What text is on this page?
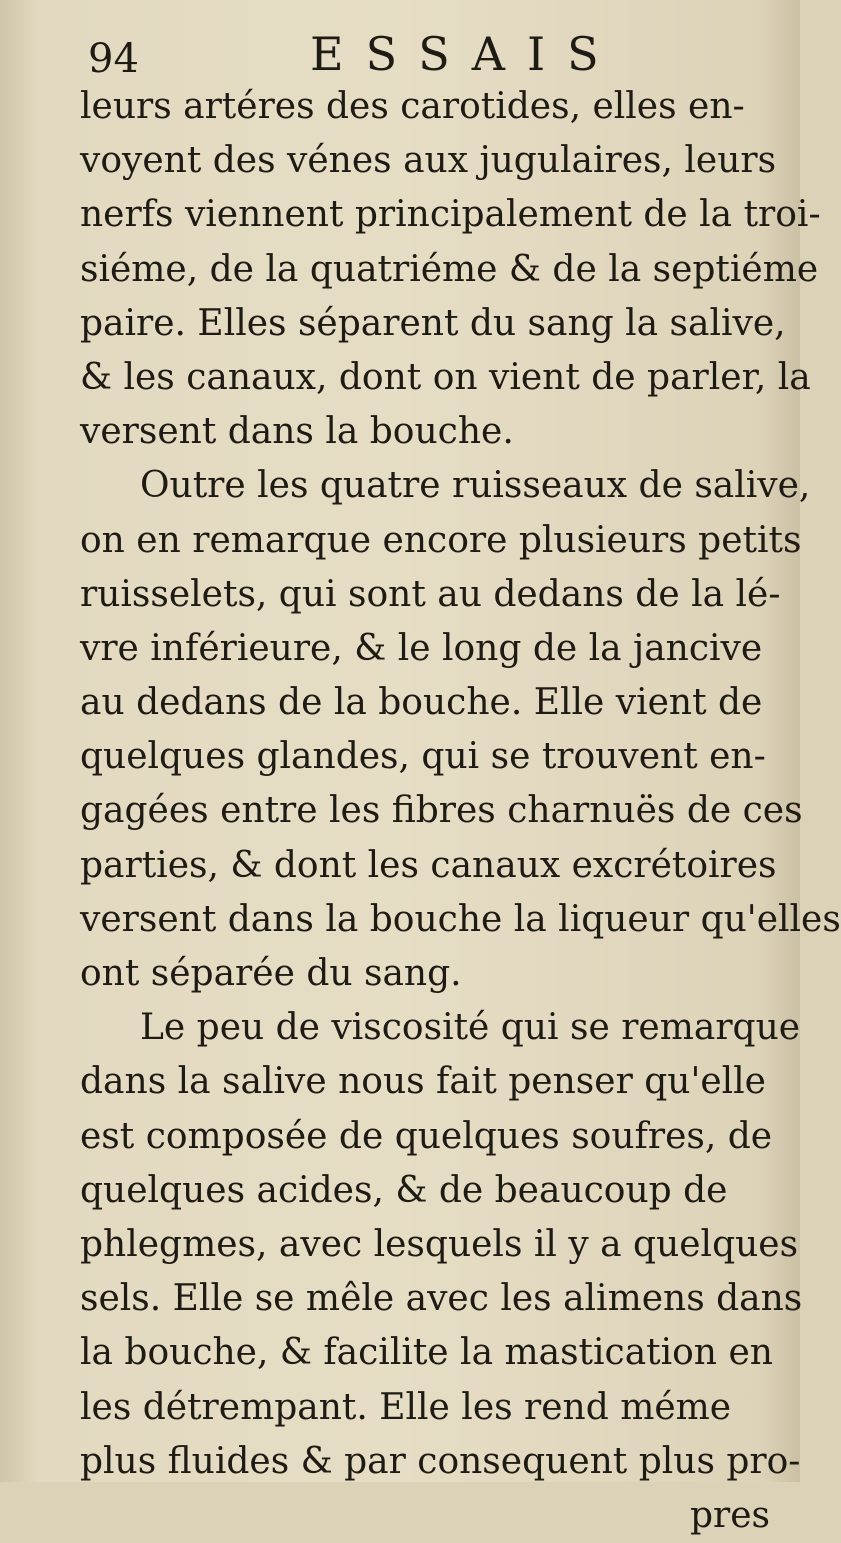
94	ESSAIS
leurs artéres des carotides, elles en-
voyent des vénes aux jugulaires, leurs
nerfs viennent principalement de la troi-
siéme, de la quatriéme & de la septiéme
paire. Elles séparent du sang la salive,
& les canaux, dont on vient de parler, la
versent dans la bouche.
Outre les quatre ruisseaux de salive,
on en remarque encore plusieurs petits
ruisselets, qui sont au dedans de la lé-
vre inférieure, & le long de la jancive
au dedans de la bouche. Elle vient de
quelques glandes, qui se trouvent en-
gagées entre les fibres charnuës de ces
parties, & dont les canaux excrétoires
versent dans la bouche la liqueur qu'elles
ont séparée du sang.
Le peu de viscosité qui se remarque
dans la salive nous fait penser qu'elle
est composée de quelques soufres, de
quelques acides, & de beaucoup de
phlegmes, avec lesquels il y a quelques
sels. Elle se mêle avec les alimens dans
la bouche, & facilite la mastication en
les détrempant. Elle les rend méme
plus fluides & par consequent plus pro-
pres
